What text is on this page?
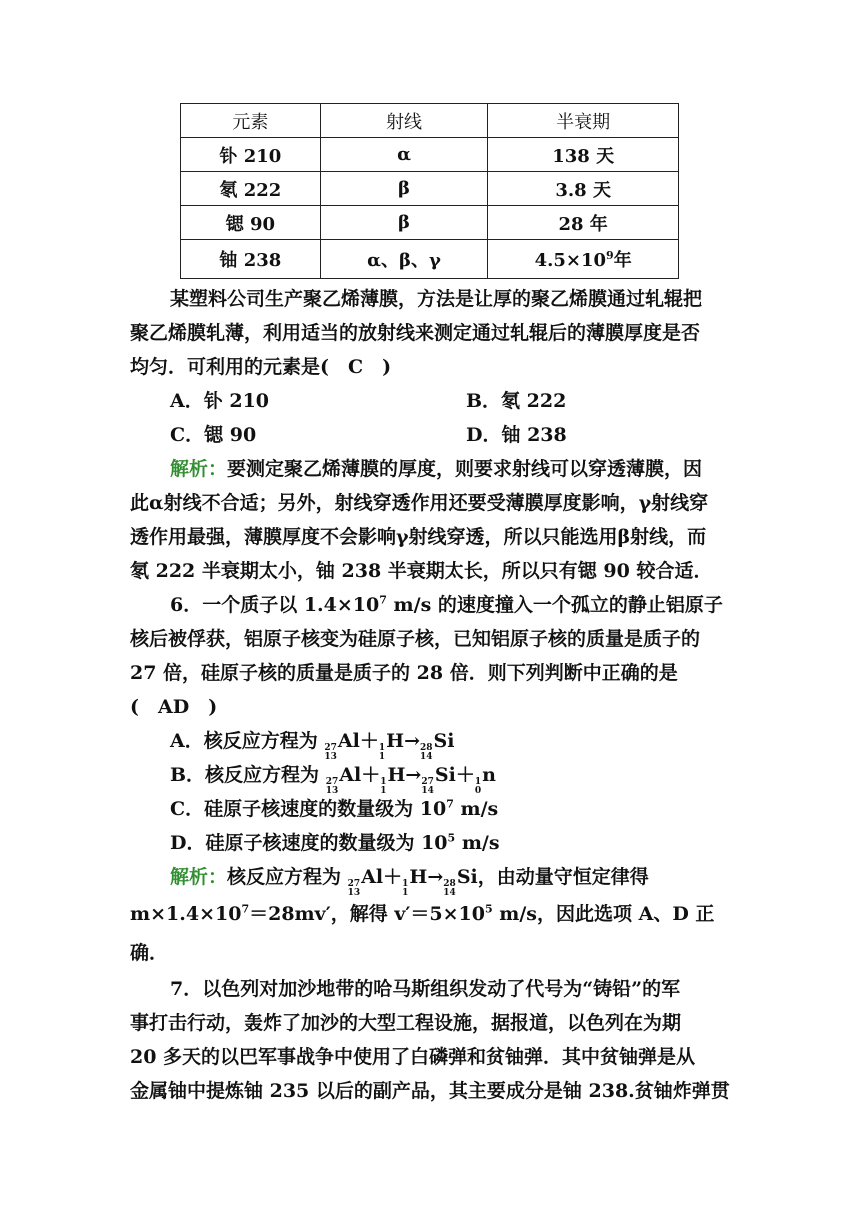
元素	射线	半衰期
钋 210	α	138 天
氡 222	β	3.8 天
锶 90	β	28 年
铀 238	α、β、γ	$4.5\times 10^9$年
某塑料公司生产聚乙烯薄膜，方法是让厚的聚乙烯膜通过轧辊把
聚乙烯膜轧薄，利用适当的放射线来测定通过轧辊后的薄膜厚度是否
均匀．可利用的元素是(　C　)
A．钋 210	B．氡 222
C．锶 90	D．铀 238
解析：要测定聚乙烯薄膜的厚度，则要求射线可以穿透薄膜，因
此α射线不合适；另外，射线穿透作用还要受薄膜厚度影响，γ射线穿
透作用最强，薄膜厚度不会影响γ射线穿透，所以只能选用β射线，而
氡 222 半衰期太小，铀 238 半衰期太长，所以只有锶 90 较合适．
6．一个质子以 $1.4\times 10^7$ m/s 的速度撞入一个孤立的静止铝原子
核后被俘获，铝原子核变为硅原子核，已知铝原子核的质量是质子的
27 倍，硅原子核的质量是质子的 28 倍．则下列判断中正确的是
(　AD　)
A．核反应方程为 27
13
Al＋ 1
1
H→ 28
14
Si
B．核反应方程为 27
13
Al＋ 1
1
H→ 27
14
Si＋ 1
0
n
C．硅原子核速度的数量级为 $10^7$ m/s
D．硅原子核速度的数量级为 $10^5$ m/s
解析：核反应方程为 27
13
Al＋ 1
1
H→ 28
14
Si，由动量守恒定律得
$m\times 1.4\times 10^7=28mv'$，解得 $v'=5\times 10^5$ m/s，因此选项 A、D 正
确．
7．以色列对加沙地带的哈马斯组织发动了代号为“铸铅”的军
事打击行动，轰炸了加沙的大型工程设施，据报道，以色列在为期
20 多天的以巴军事战争中使用了白磷弹和贫铀弹．其中贫铀弹是从
金属铀中提炼铀 235 以后的副产品，其主要成分是铀 238.贫铀炸弹贯
